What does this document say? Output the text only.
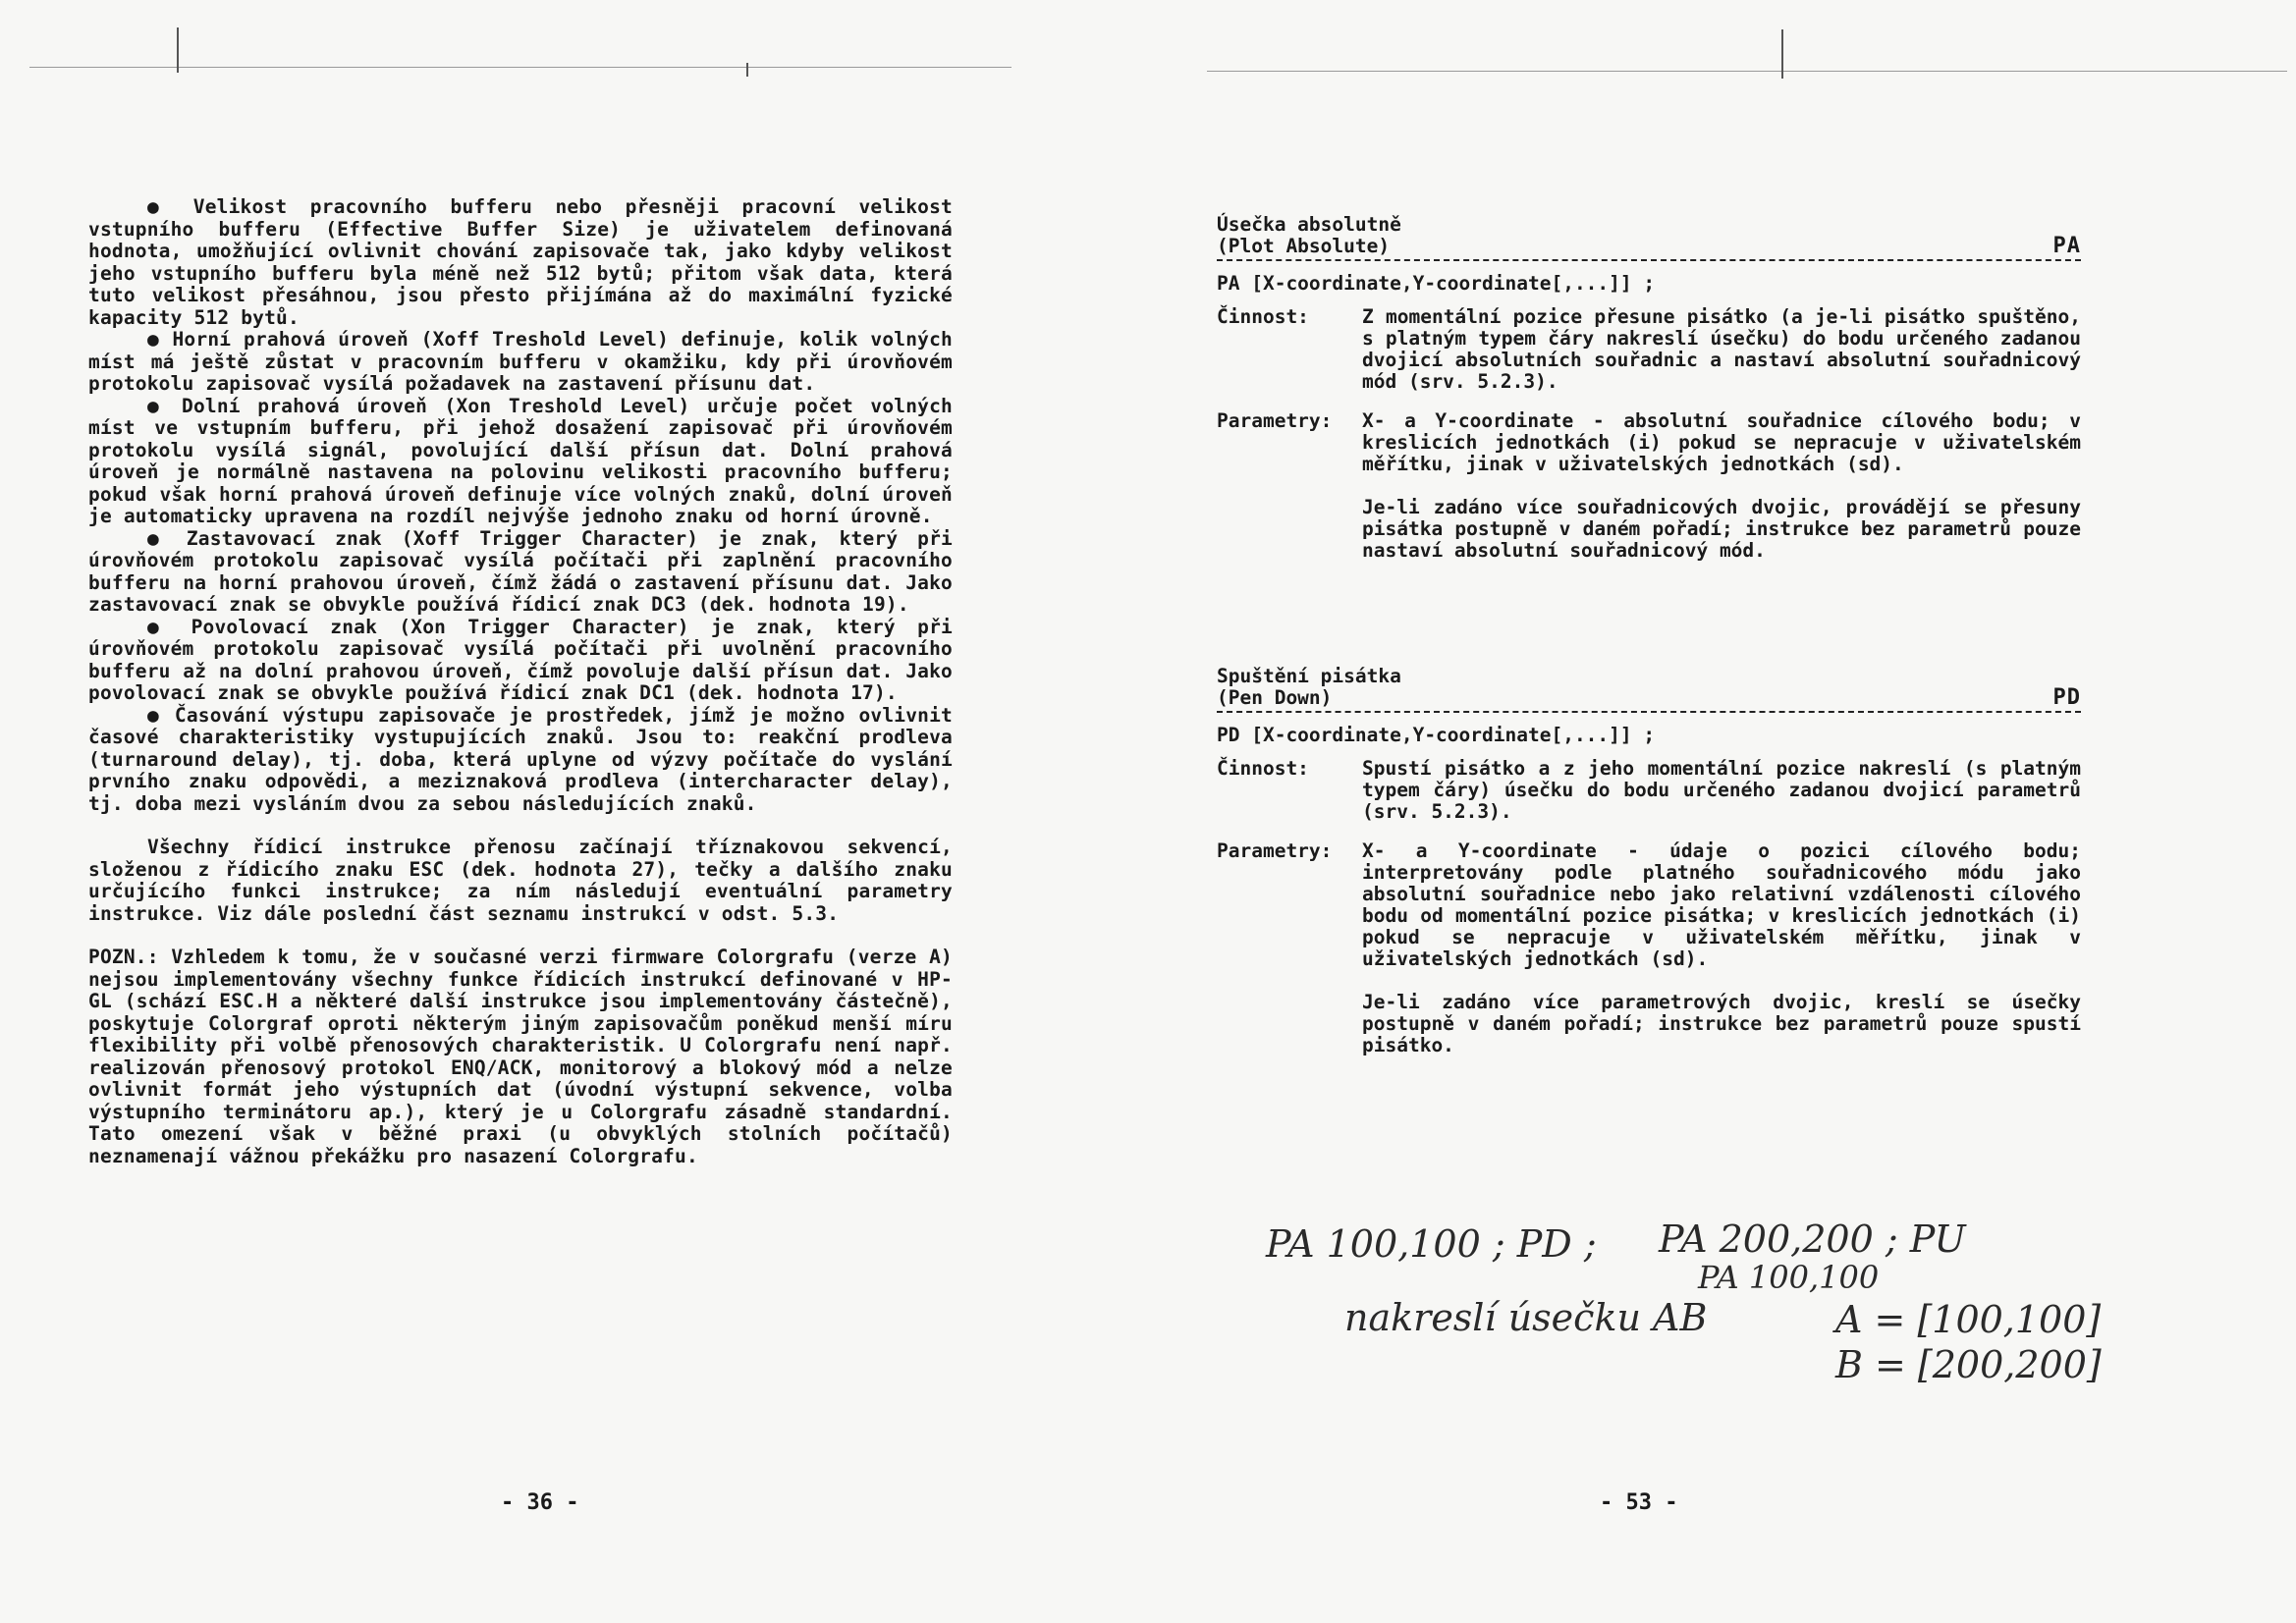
● Velikost pracovního bufferu nebo přesněji pracovní velikost vstupního bufferu (Effective Buffer Size) je uživatelem definovaná hodnota, umožňující ovlivnit chování zapisovače tak, jako kdyby velikost jeho vstupního bufferu byla méně než 512 bytů; přitom však data, která tuto velikost přesáhnou, jsou přesto přijímána až do maximální fyzické kapacity 512 bytů.

● Horní prahová úroveň (Xoff Treshold Level) definuje, kolik volných míst má ještě zůstat v pracovním bufferu v okamžiku, kdy při úrovňovém protokolu zapisovač vysílá požadavek na zastavení přísunu dat.

● Dolní prahová úroveň (Xon Treshold Level) určuje počet volných míst ve vstupním bufferu, při jehož dosažení zapisovač při úrovňovém protokolu vysílá signál, povolující další přísun dat. Dolní prahová úroveň je normálně nastavena na polovinu velikosti pracovního bufferu; pokud však horní prahová úroveň definuje více volných znaků, dolní úroveň je automaticky upravena na rozdíl nejvýše jednoho znaku od horní úrovně.

● Zastavovací znak (Xoff Trigger Character) je znak, který při úrovňovém protokolu zapisovač vysílá počítači při zaplnění pracovního bufferu na horní prahovou úroveň, čímž žádá o zastavení přísunu dat. Jako zastavovací znak se obvykle používá řídicí znak DC3 (dek. hodnota 19).

● Povolovací znak (Xon Trigger Character) je znak, který při úrovňovém protokolu zapisovač vysílá počítači při uvolnění pracovního bufferu až na dolní prahovou úroveň, čímž povoluje další přísun dat. Jako povolovací znak se obvykle používá řídicí znak DC1 (dek. hodnota 17).

● Časování výstupu zapisovače je prostředek, jímž je možno ovlivnit časové charakteristiky vystupujících znaků. Jsou to: reakční prodleva (turnaround delay), tj. doba, která uplyne od výzvy počítače do vyslání prvního znaku odpovědi, a meziznaková prodleva (intercharacter delay), tj. doba mezi vysláním dvou za sebou následujících znaků.

Všechny řídicí instrukce přenosu začínají tříznakovou sekvencí, složenou z řídicího znaku ESC (dek. hodnota 27), tečky a dalšího znaku určujícího funkci instrukce; za ním následují eventuální parametry instrukce. Viz dále poslední část seznamu instrukcí v odst. 5.3.

POZN.: Vzhledem k tomu, že v současné verzi firmware Colorgrafu (verze A) nejsou implementovány všechny funkce řídicích instrukcí definované v HP-GL (schází ESC.H a některé další instrukce jsou implementovány částečně), poskytuje Colorgraf oproti některým jiným zapisovačům poněkud menší míru flexibility při volbě přenosových charakteristik. U Colorgrafu není např. realizován přenosový protokol ENQ/ACK, monitorový a blokový mód a nelze ovlivnit formát jeho výstupních dat (úvodní výstupní sekvence, volba výstupního terminátoru ap.), který je u Colorgrafu zásadně standardní. Tato omezení však v běžné praxi (u obvyklých stolních počítačů) neznamenají vážnou překážku pro nasazení Colorgrafu.

- 36 -
Úsečka absolutně
(Plot Absolute)	PA
PA [X-coordinate,Y-coordinate[,...]] ;
Činnost:	Z momentální pozice přesune pisátko (a je-li pisátko spuštěno, s platným typem čáry nakreslí úsečku) do bodu určeného zadanou dvojicí absolutních souřadnic a nastaví absolutní souřadnicový mód (srv. 5.2.3).
Parametry:	X- a Y-coordinate - absolutní souřadnice cílového bodu; v kreslicích jednotkách (i) pokud se nepracuje v uživatelském měřítku, jinak v uživatelských jednotkách (sd).

Je-li zadáno více souřadnicových dvojic, provádějí se přesuny pisátka postupně v daném pořadí; instrukce bez parametrů pouze nastaví absolutní souřadnicový mód.

Spuštění pisátka
(Pen Down)	PD
PD [X-coordinate,Y-coordinate[,...]] ;
Činnost:	Spustí pisátko a z jeho momentální pozice nakreslí (s platným typem čáry) úsečku do bodu určeného zadanou dvojicí parametrů (srv. 5.2.3).
Parametry:	X- a Y-coordinate - údaje o pozici cílového bodu; interpretovány podle platného souřadnicového módu jako absolutní souřadnice nebo jako relativní vzdálenosti cílového bodu od momentální pozice pisátka; v kreslicích jednotkách (i) pokud se nepracuje v uživatelském měřítku, jinak v uživatelských jednotkách (sd).

Je-li zadáno více parametrových dvojic, kreslí se úsečky postupně v daném pořadí; instrukce bez parametrů pouze spustí pisátko.

PA 100,100 ; PD ; PA 200,200 ; PU
PA 100,100
nakreslí úsečku AB	A = [100,100]
B = [200,200]
- 53 -
